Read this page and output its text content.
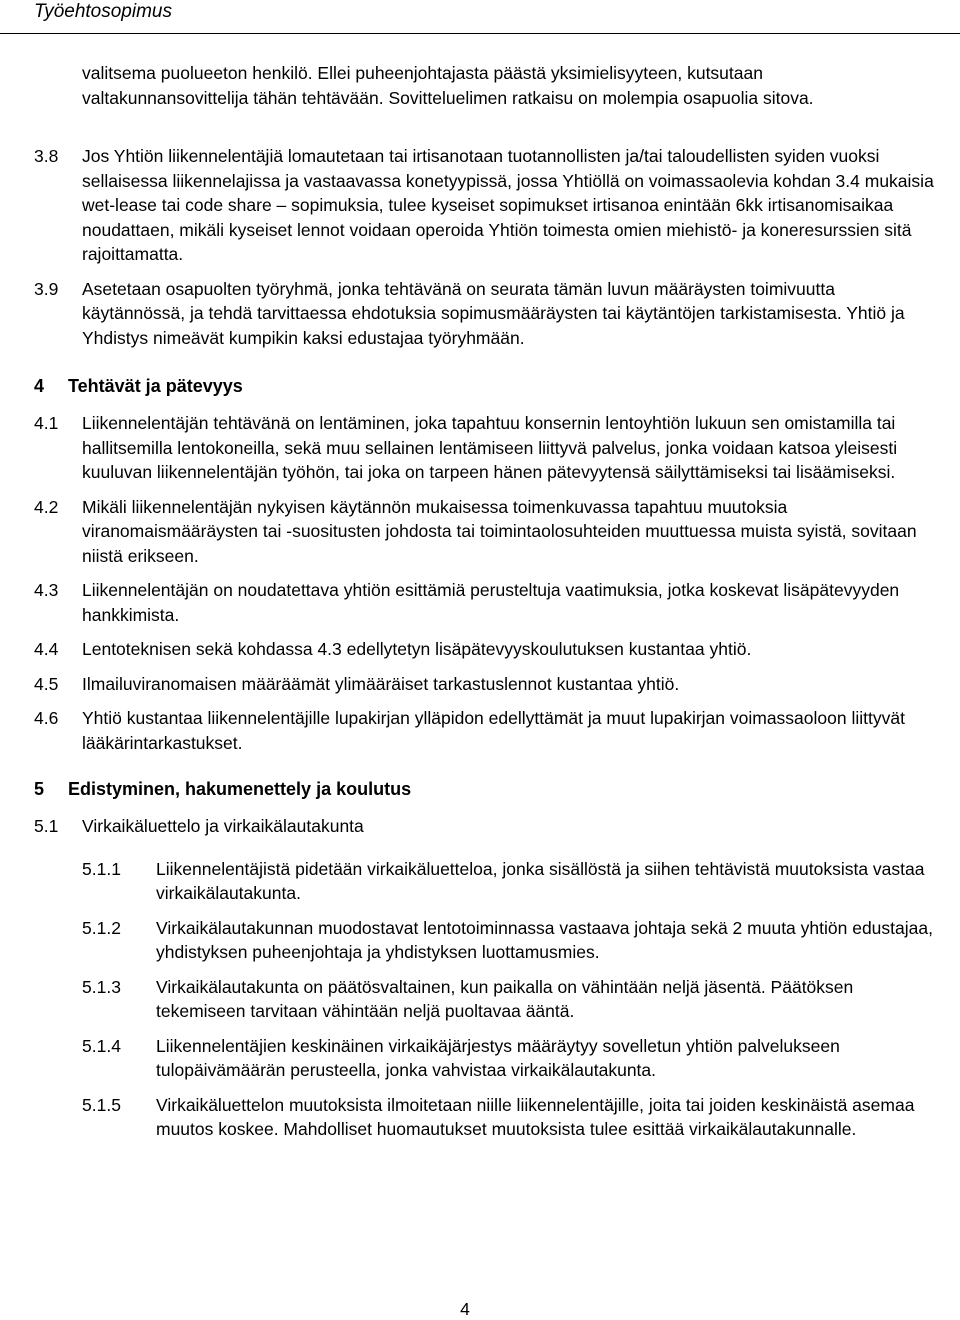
Työehtosopimus
valitsema puolueeton henkilö. Ellei puheenjohtajasta päästä yksimielisyyteen, kutsutaan valtakunnansovittelija tähän tehtävään. Sovitteluelimen ratkaisu on molempia osapuolia sitova.
3.8	Jos Yhtiön liikennelentäjiä lomautetaan tai irtisanotaan tuotannollisten ja/tai taloudellisten syiden vuoksi sellaisessa liikennelajissa ja vastaavassa konetyypissä, jossa Yhtiöllä on voimassaolevia kohdan 3.4 mukaisia wet-lease tai code share – sopimuksia, tulee kyseiset sopimukset irtisanoa enintään 6kk irtisanomisaikaa noudattaen, mikäli kyseiset lennot voidaan operoida Yhtiön toimesta omien miehistö- ja koneresurssien sitä rajoittamatta.
3.9	Asetetaan osapuolten työryhmä, jonka tehtävänä on seurata tämän luvun määräysten toimivuutta käytännössä, ja tehdä tarvittaessa ehdotuksia sopimusmääräysten tai käytäntöjen tarkistamisesta. Yhtiö ja Yhdistys nimeävät kumpikin kaksi edustajaa työryhmään.
4	Tehtävät ja pätevyys
4.1	Liikennelentäjän tehtävänä on lentäminen, joka tapahtuu konsernin lentoyhtiön lukuun sen omistamilla tai hallitsemilla lentokoneilla, sekä muu sellainen lentämiseen liittyvä palvelus, jonka voidaan katsoa yleisesti kuuluvan liikennelentäjän työhön, tai joka on tarpeen hänen pätevyytensä säilyttämiseksi tai lisäämiseksi.
4.2	Mikäli liikennelentäjän nykyisen käytännön mukaisessa toimenkuvassa tapahtuu muutoksia viranomaismääräysten tai -suositusten johdosta tai toimintaolosuhteiden muuttuessa muista syistä, sovitaan niistä erikseen.
4.3	Liikennelentäjän on noudatettava yhtiön esittämiä perusteltuja vaatimuksia, jotka koskevat lisäpätevyyden hankkimista.
4.4	Lentoteknisen sekä kohdassa 4.3 edellytetyn lisäpätevyyskoulutuksen kustantaa yhtiö.
4.5	Ilmailuviranomaisen määräämät ylimääräiset tarkastuslennot kustantaa yhtiö.
4.6	Yhtiö kustantaa liikennelentäjille lupakirjan ylläpidon edellyttämät ja muut lupakirjan voimassaoloon liittyvät lääkärintarkastukset.
5	Edistyminen, hakumenettely ja koulutus
5.1	Virkaikäluettelo ja virkaikälautakunta
5.1.1	Liikennelentäjistä pidetään virkaikäluetteloa, jonka sisällöstä ja siihen tehtävistä muutoksista vastaa virkaikälautakunta.
5.1.2	Virkaikälautakunnan muodostavat lentotoiminnassa vastaava johtaja sekä 2 muuta yhtiön edustajaa, yhdistyksen puheenjohtaja ja yhdistyksen luottamusmies.
5.1.3	Virkaikälautakunta on päätösvaltainen, kun paikalla on vähintään neljä jäsentä. Päätöksen tekemiseen tarvitaan vähintään neljä puoltavaa ääntä.
5.1.4	Liikennelentäjien keskinäinen virkaikäjärjestys määräytyy sovelletun yhtiön palvelukseen tulopäivämäärän perusteella, jonka vahvistaa virkaikälautakunta.
5.1.5	Virkaikäluettelon muutoksista ilmoitetaan niille liikennelentäjille, joita tai joiden keskinäistä asemaa muutos koskee. Mahdolliset huomautukset muutoksista tulee esittää virkaikälautakunnalle.
4
